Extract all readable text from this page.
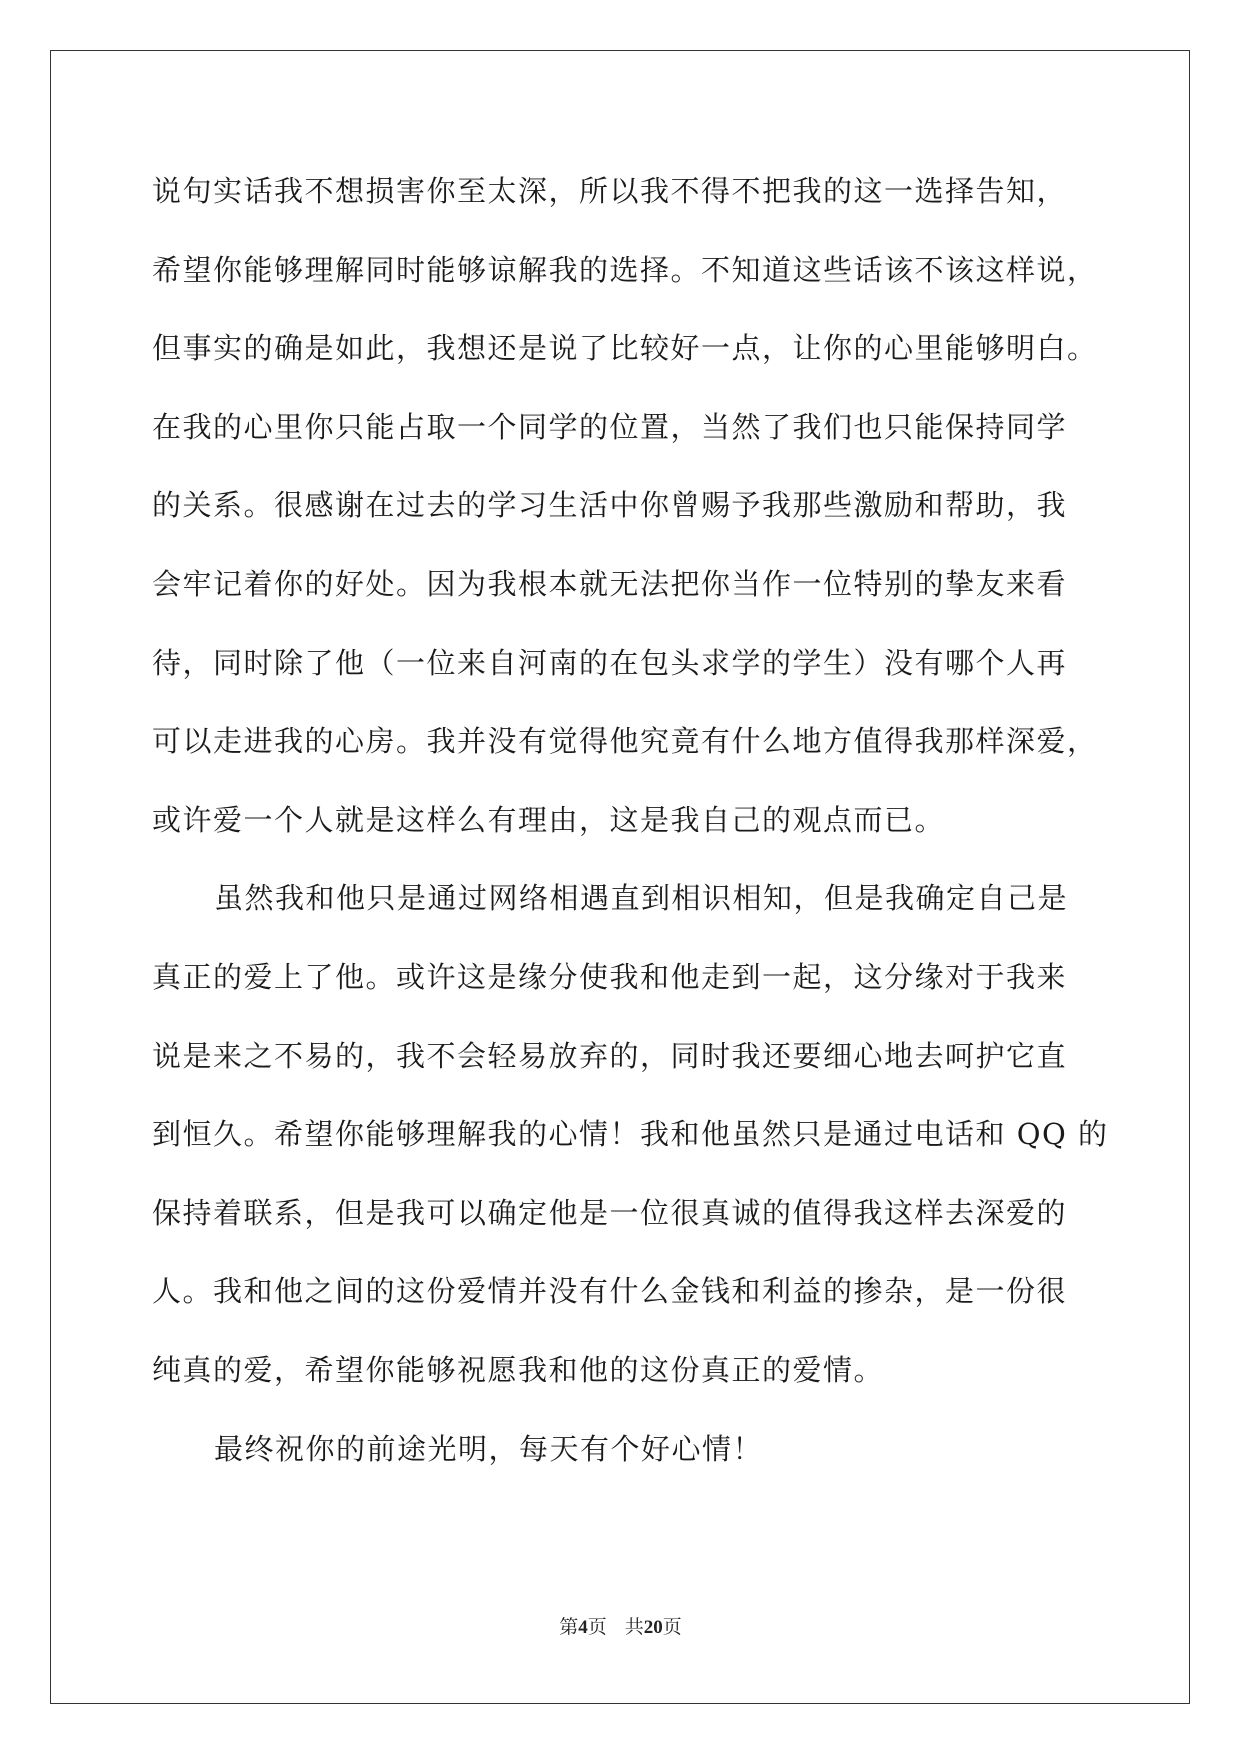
说句实话我不想损害你至太深，所以我不得不把我的这一选择告知，
希望你能够理解同时能够谅解我的选择。不知道这些话该不该这样说，
但事实的确是如此，我想还是说了比较好一点，让你的心里能够明白。
在我的心里你只能占取一个同学的位置，当然了我们也只能保持同学
的关系。很感谢在过去的学习生活中你曾赐予我那些激励和帮助，我
会牢记着你的好处。因为我根本就无法把你当作一位特别的挚友来看
待，同时除了他（一位来自河南的在包头求学的学生）没有哪个人再
可以走进我的心房。我并没有觉得他究竟有什么地方值得我那样深爱，
或许爱一个人就是这样么有理由，这是我自己的观点而已。
虽然我和他只是通过网络相遇直到相识相知，但是我确定自己是
真正的爱上了他。或许这是缘分使我和他走到一起，这分缘对于我来
说是来之不易的，我不会轻易放弃的，同时我还要细心地去呵护它直
到恒久。希望你能够理解我的心情！我和他虽然只是通过电话和 QQ 的
保持着联系，但是我可以确定他是一位很真诚的值得我这样去深爱的
人。我和他之间的这份爱情并没有什么金钱和利益的掺杂，是一份很
纯真的爱，希望你能够祝愿我和他的这份真正的爱情。
最终祝你的前途光明，每天有个好心情！
第4页 共20页
